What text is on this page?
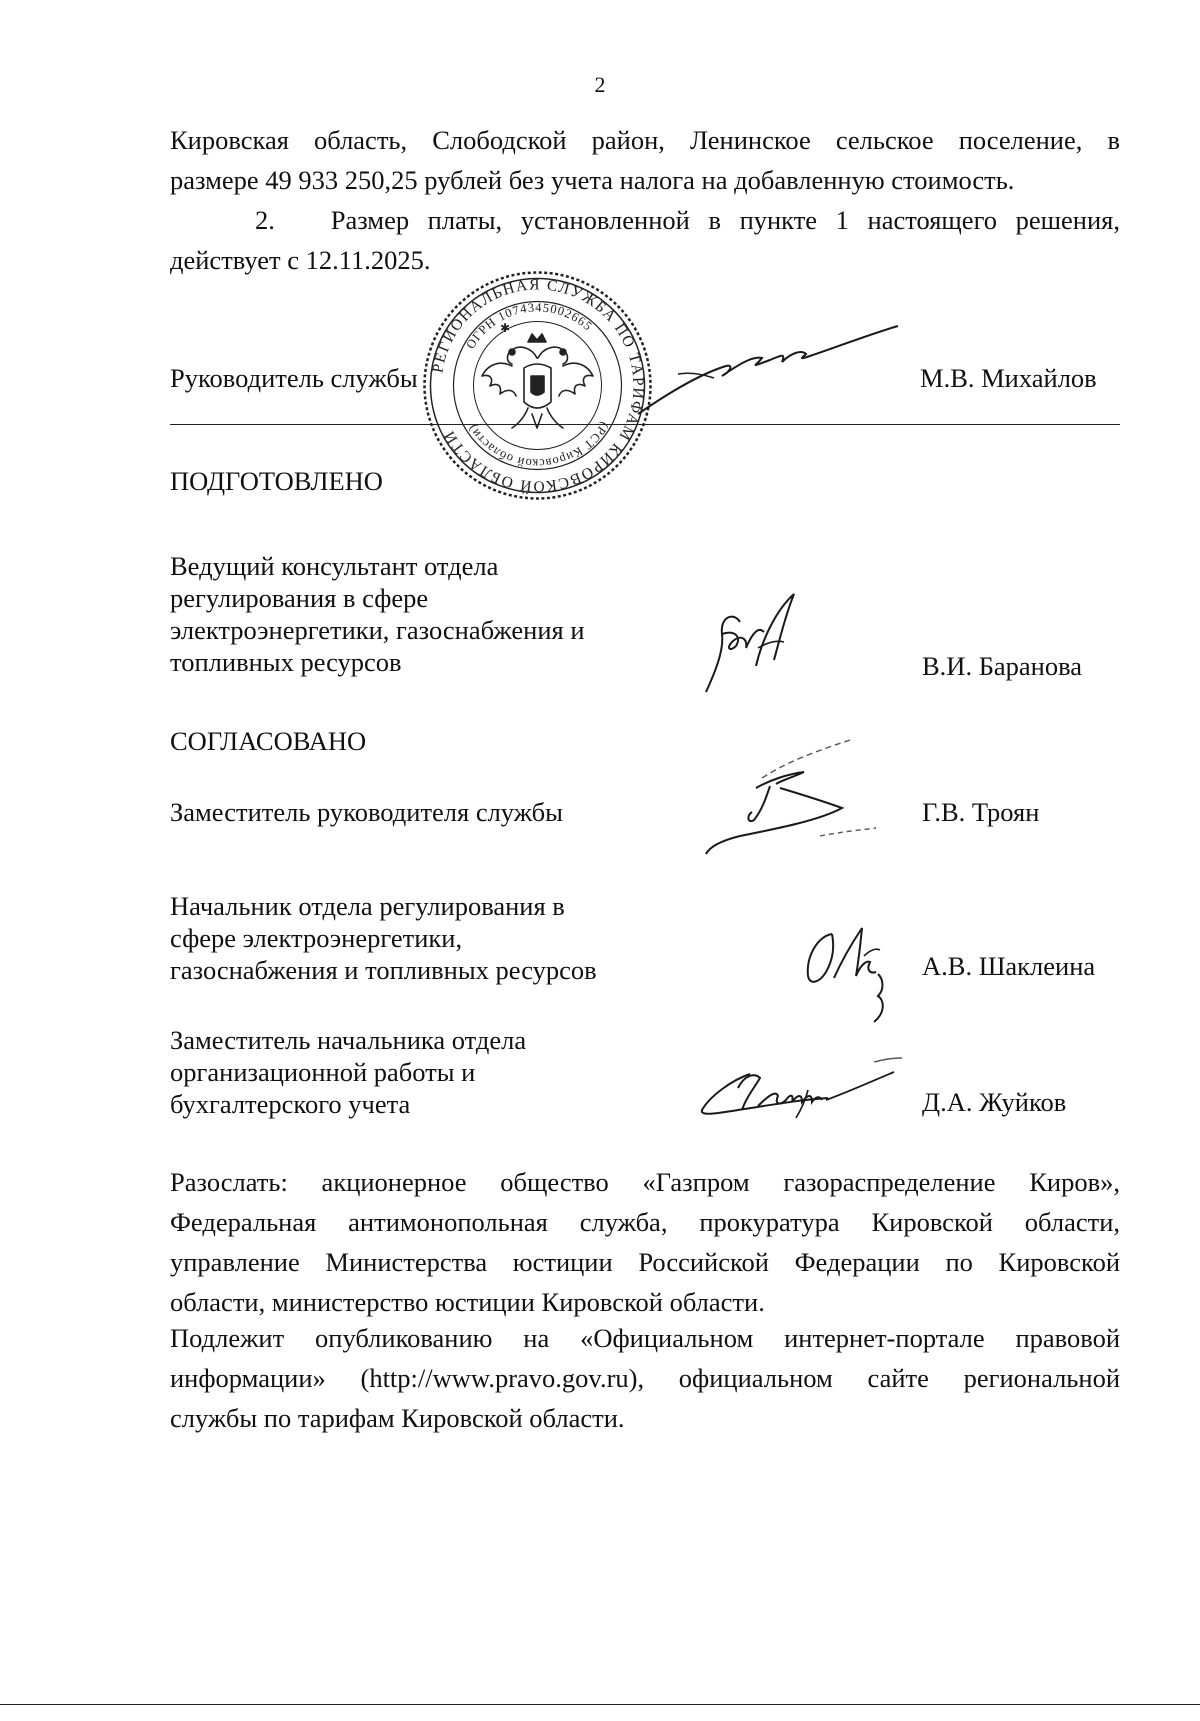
2
Кировская область, Слободской район, Ленинское сельское поселение, в
размере 49 933 250,25 рублей без учета налога на добавленную стоимость.
2.   Размер платы, установленной в пункте 1 настоящего решения,
действует с 12.11.2025.
Руководитель службы	М.В. Михайлов
РЕГИОНАЛЬНАЯ СЛУЖБА ПО ТАРИФАМ КИРОВСКОЙ ОБЛАСТИ
ОГРН 1074345002665
(РСТ Кировской области)
✱
ПОДГОТОВЛЕНО
Ведущий консультант отдела
регулирования в сфере
электроэнергетики, газоснабжения и
топливных ресурсов	В.И. Баранова
СОГЛАСОВАНО
Заместитель руководителя службы	Г.В. Троян
Начальник отдела регулирования в
сфере электроэнергетики,
газоснабжения и топливных ресурсов	А.В. Шаклеина
Заместитель начальника отдела
организационной работы и
бухгалтерского учета	Д.А. Жуйков
Разослать: акционерное общество «Газпром газораспределение Киров»,
Федеральная антимонопольная служба, прокуратура Кировской области,
управление Министерства юстиции Российской Федерации по Кировской
области, министерство юстиции Кировской области.
Подлежит опубликованию на «Официальном интернет-портале правовой
информации» (http://www.pravo.gov.ru), официальном сайте региональной
службы по тарифам Кировской области.
